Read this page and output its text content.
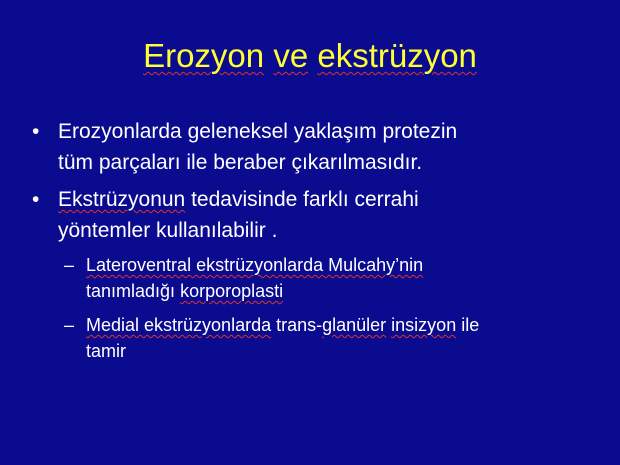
Erozyon ve ekstrüzyon
• Erozyonlarda geleneksel yaklaşım protezin
tüm parçaları ile beraber çıkarılmasıdır.
• Ekstrüzyonun tedavisinde farklı cerrahi
yöntemler kullanılabilir .
– Lateroventral ekstrüzyonlarda Mulcahy’nin
tanımladığı korporoplasti
– Medial ekstrüzyonlarda trans-glanüler insizyon ile
tamir
